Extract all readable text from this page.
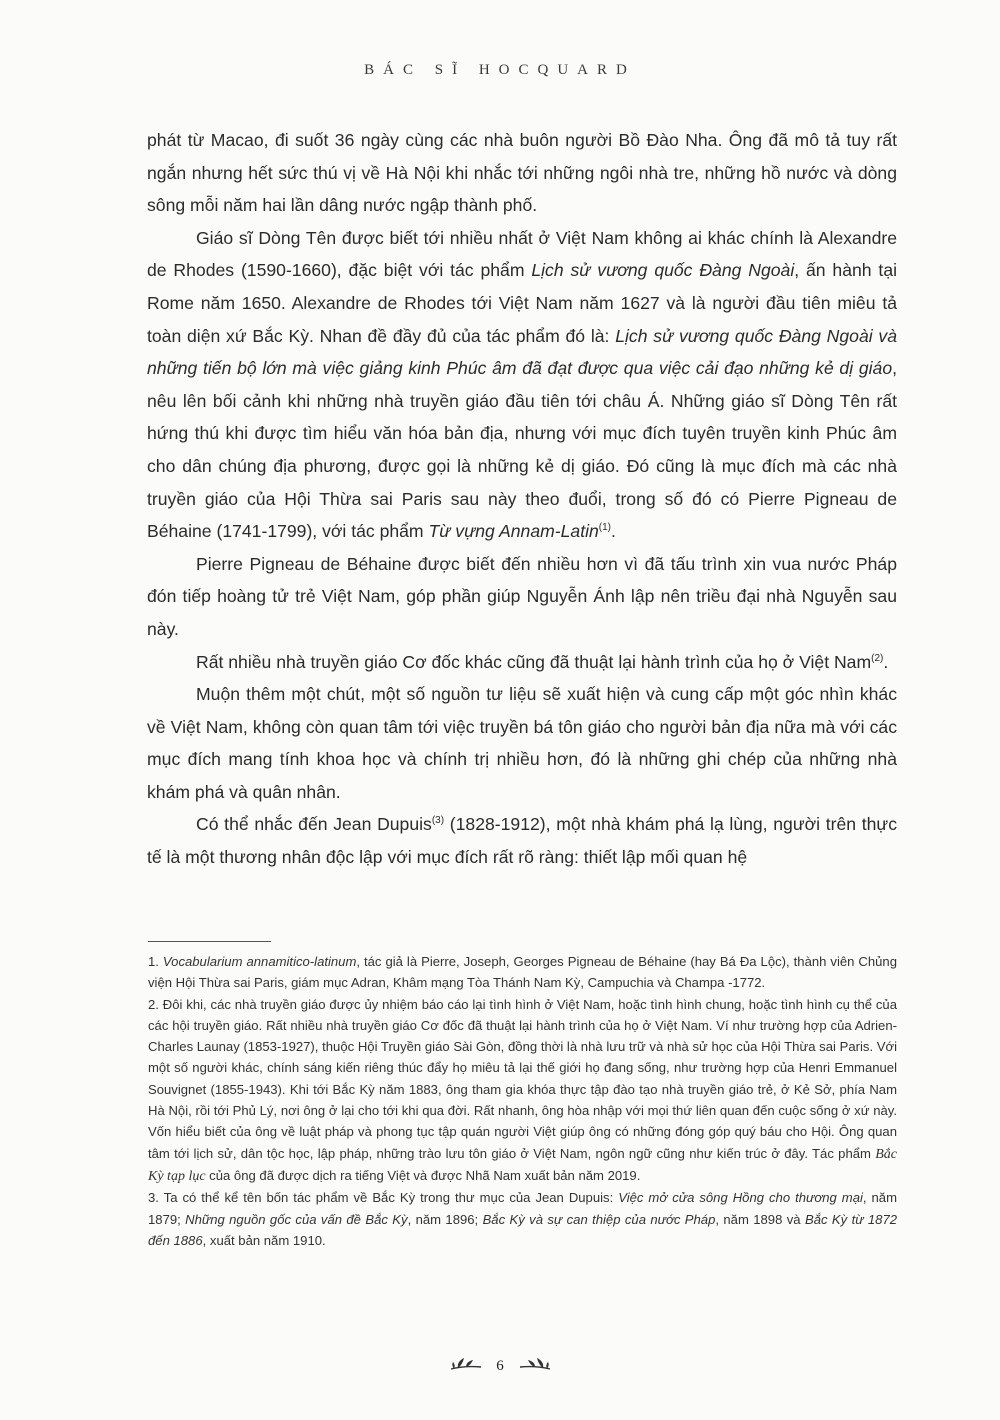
BÁC SĨ HOCQUARD

phát từ Macao, đi suốt 36 ngày cùng các nhà buôn người Bồ Đào Nha. Ông đã mô tả tuy rất ngắn nhưng hết sức thú vị về Hà Nội khi nhắc tới những ngôi nhà tre, những hồ nước và dòng sông mỗi năm hai lần dâng nước ngập thành phố.

Giáo sĩ Dòng Tên được biết tới nhiều nhất ở Việt Nam không ai khác chính là Alexandre de Rhodes (1590-1660), đặc biệt với tác phẩm Lịch sử vương quốc Đàng Ngoài, ấn hành tại Rome năm 1650. Alexandre de Rhodes tới Việt Nam năm 1627 và là người đầu tiên miêu tả toàn diện xứ Bắc Kỳ. Nhan đề đầy đủ của tác phẩm đó là: Lịch sử vương quốc Đàng Ngoài và những tiến bộ lớn mà việc giảng kinh Phúc âm đã đạt được qua việc cải đạo những kẻ dị giáo, nêu lên bối cảnh khi những nhà truyền giáo đầu tiên tới châu Á. Những giáo sĩ Dòng Tên rất hứng thú khi được tìm hiểu văn hóa bản địa, nhưng với mục đích tuyên truyền kinh Phúc âm cho dân chúng địa phương, được gọi là những kẻ dị giáo. Đó cũng là mục đích mà các nhà truyền giáo của Hội Thừa sai Paris sau này theo đuổi, trong số đó có Pierre Pigneau de Béhaine (1741-1799), với tác phẩm Từ vựng Annam-Latin$^{(1)}$.

Pierre Pigneau de Béhaine được biết đến nhiều hơn vì đã tấu trình xin vua nước Pháp đón tiếp hoàng tử trẻ Việt Nam, góp phần giúp Nguyễn Ánh lập nên triều đại nhà Nguyễn sau này.

Rất nhiều nhà truyền giáo Cơ đốc khác cũng đã thuật lại hành trình của họ ở Việt Nam$^{(2)}$.

Muộn thêm một chút, một số nguồn tư liệu sẽ xuất hiện và cung cấp một góc nhìn khác về Việt Nam, không còn quan tâm tới việc truyền bá tôn giáo cho người bản địa nữa mà với các mục đích mang tính khoa học và chính trị nhiều hơn, đó là những ghi chép của những nhà khám phá và quân nhân.

Có thể nhắc đến Jean Dupuis$^{(3)}$ (1828-1912), một nhà khám phá lạ lùng, người trên thực tế là một thương nhân độc lập với mục đích rất rõ ràng: thiết lập mối quan hệ

1. Vocabularium annamitico-latinum, tác giả là Pierre, Joseph, Georges Pigneau de Béhaine (hay Bá Đa Lộc), thành viên Chủng viện Hội Thừa sai Paris, giám mục Adran, Khâm mạng Tòa Thánh Nam Kỳ, Campuchia và Champa -1772.

2. Đôi khi, các nhà truyền giáo được ủy nhiệm báo cáo lại tình hình ở Việt Nam, hoặc tình hình chung, hoặc tình hình cụ thể của các hội truyền giáo. Rất nhiều nhà truyền giáo Cơ đốc đã thuật lại hành trình của họ ở Việt Nam. Ví như trường hợp của Adrien-Charles Launay (1853-1927), thuộc Hội Truyền giáo Sài Gòn, đồng thời là nhà lưu trữ và nhà sử học của Hội Thừa sai Paris. Với một số người khác, chính sáng kiến riêng thúc đẩy họ miêu tả lại thế giới họ đang sống, như trường hợp của Henri Emmanuel Souvignet (1855-1943). Khi tới Bắc Kỳ năm 1883, ông tham gia khóa thực tập đào tạo nhà truyền giáo trẻ, ở Kẻ Sở, phía Nam Hà Nội, rồi tới Phủ Lý, nơi ông ở lại cho tới khi qua đời. Rất nhanh, ông hòa nhập với mọi thứ liên quan đến cuộc sống ở xứ này. Vốn hiểu biết của ông về luật pháp và phong tục tập quán người Việt giúp ông có những đóng góp quý báu cho Hội. Ông quan tâm tới lịch sử, dân tộc học, lập pháp, những trào lưu tôn giáo ở Việt Nam, ngôn ngữ cũng như kiến trúc ở đây. Tác phẩm Bắc Kỳ tạp lục của ông đã được dịch ra tiếng Việt và được Nhã Nam xuất bản năm 2019.

3. Ta có thể kể tên bốn tác phẩm về Bắc Kỳ trong thư mục của Jean Dupuis: Việc mở cửa sông Hồng cho thương mại, năm 1879; Những nguồn gốc của vấn đề Bắc Kỳ, năm 1896; Bắc Kỳ và sự can thiệp của nước Pháp, năm 1898 và Bắc Kỳ từ 1872 đến 1886, xuất bản năm 1910.

6
